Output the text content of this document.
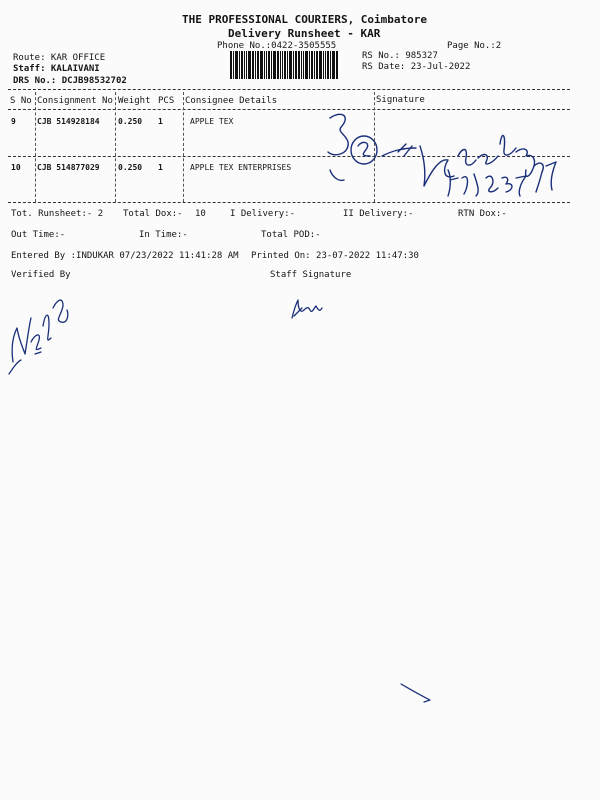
THE PROFESSIONAL COURIERS, Coimbatore
Delivery Runsheet - KAR
Phone No.:0422-3505555	Page No.:2
Route: KAR OFFICE
Staff: KALAIVANI
DRS No.: DCJB98532702
RS No.: 985327
RS Date: 23-Jul-2022
S No Consignment No Weight PCS Consignee Details	Signature
9	CJB 514928184 0.250 1	APPLE TEX
10 CJB 514877029 0.250 1	APPLE TEX ENTERPRISES
Tot. Runsheet:- 2 Total Dox:- 10	I Delivery:-	II Delivery:-	RTN Dox:-
Out Time:-	In Time:-	Total POD:-
Entered By :INDUKAR 07/23/2022 11:41:28 AM Printed On: 23-07-2022 11:47:30
Verified By	Staff Signature
